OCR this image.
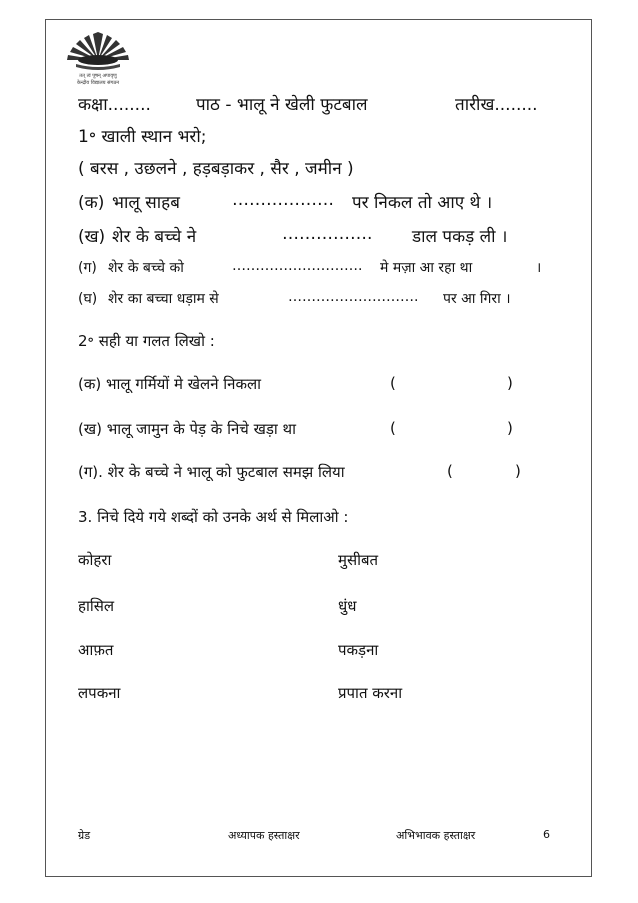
तत् त्वं पूषन् अपावृणु
केन्द्रीय विद्यालय संगठन
कक्षा........	पाठ - भालू ने खेली फुटबाल	तारीख........
1॰ खाली स्थान भरो;
( बरस , उछलने , हड़बड़ाकर , सैर , जमीन )
(क) भालू साहब	……………… पर निकल तो आए थे ।
(ख) शेर के बच्चे ने	……………. डाल पकड़ ली ।
(ग) शेर के बच्चे को	………………………. मे मज़ा आ रहा था	।
(घ) शेर का बच्चा धड़ाम से	………………………. पर आ गिरा ।
2॰ सही या गलत लिखो :
(क) भालू गर्मियों मे खेलने निकला	(	)
(ख) भालू जामुन के पेड़ के निचे खड़ा था	(	)
(ग). शेर के बच्चे ने भालू को फुटबाल समझ लिया	(	)
3. निचे दिये गये शब्दों को उनके अर्थ से मिलाओ :
कोहरा	मुसीबत
हासिल	धुंध
आफ़त	पकड़ना
लपकना	प्रपात करना
ग्रेड	अध्यापक हस्ताक्षर	अभिभावक हस्ताक्षर	6
